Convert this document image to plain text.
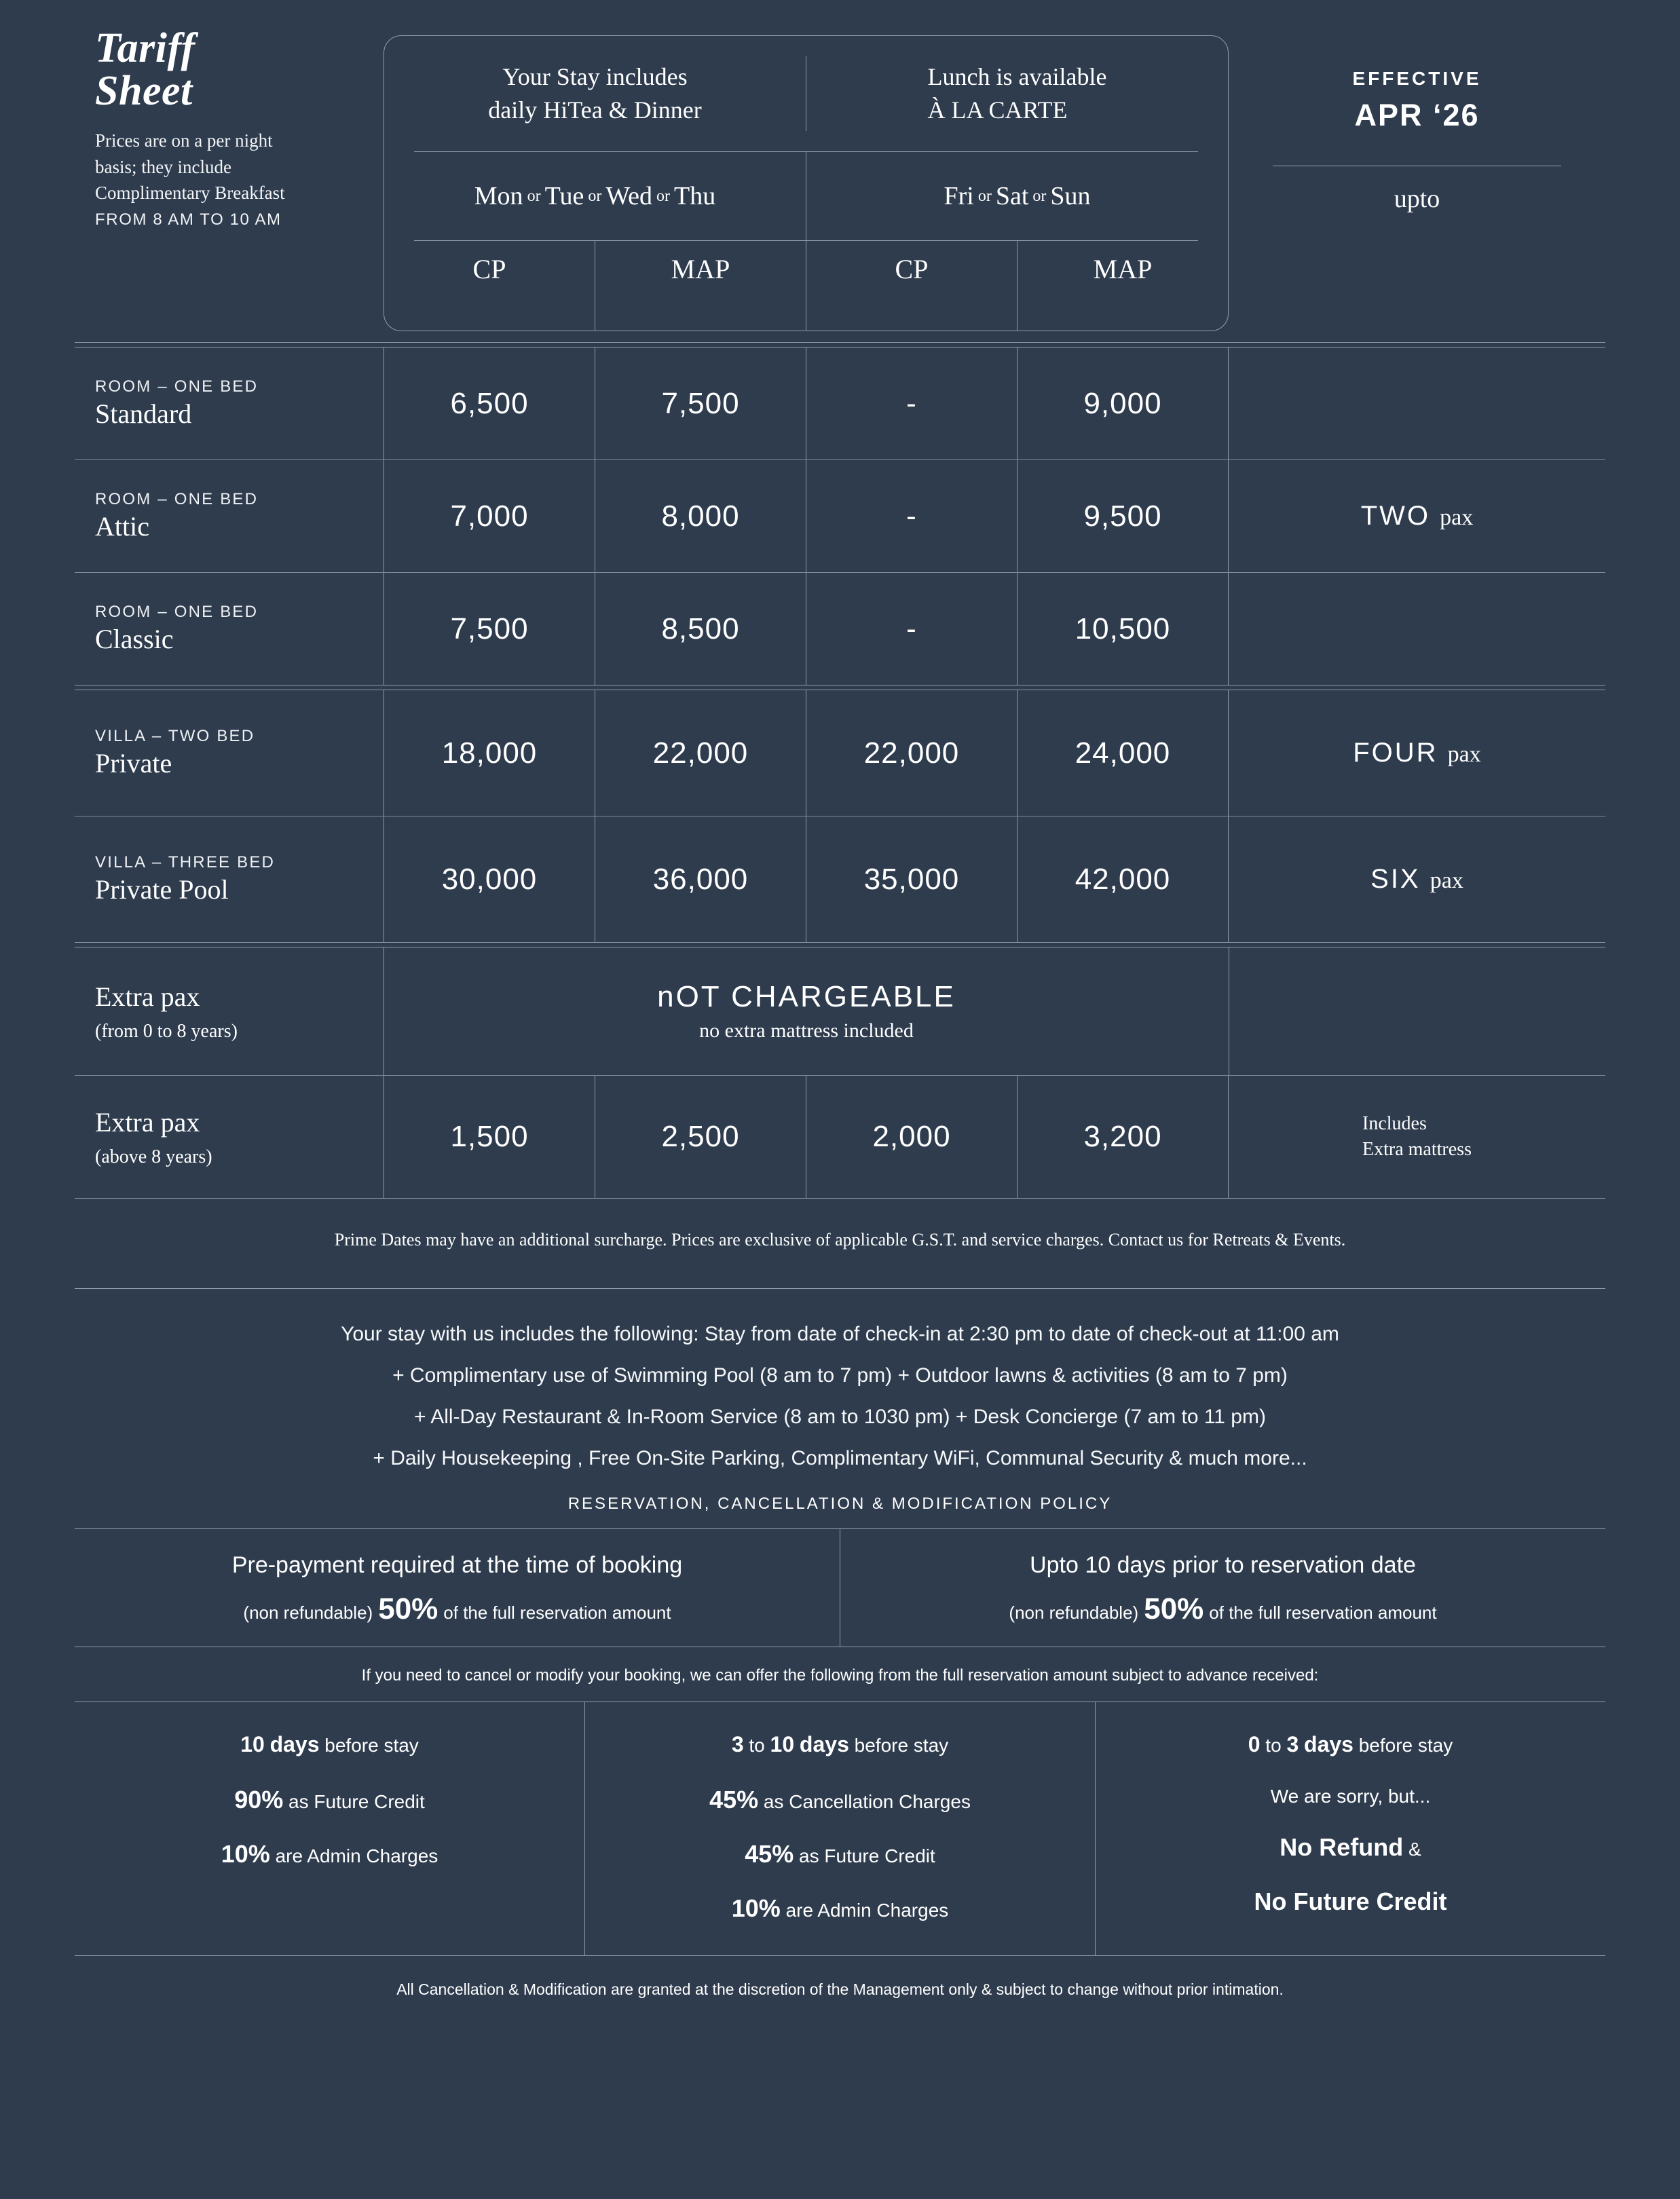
Tariff
Sheet
Prices are on a per night
basis; they include
Complimentary Breakfast
FROM 8 AM TO 10 AM
Your Stay includes
daily HiTea & Dinner
Lunch is available
À LA CARTE
Mon or Tue or Wed or Thu	Fri or Sat or Sun
CP	MAP	CP	MAP
EFFECTIVE
APR ‘26
upto
ROOM – ONE BED
Standard	6,500	7,500	-	9,000
ROOM – ONE BED
Attic	7,000	8,000	-	9,500	TWO pax
ROOM – ONE BED
Classic	7,500	8,500	-	10,500
VILLA – TWO BED
Private	18,000	22,000	22,000	24,000	FOUR pax
VILLA – THREE BED
Private Pool	30,000	36,000	35,000	42,000	SIX pax
Extra pax
(from 0 to 8 years)
nOT CHARGEABLE
no extra mattress included
Extra pax
(above 8 years)
1,500	2,500	2,000	3,200	Includes
Extra mattress
Prime Dates may have an additional surcharge. Prices are exclusive of applicable G.S.T. and service charges. Contact us for Retreats & Events.
Your stay with us includes the following: Stay from date of check-in at 2:30 pm to date of check-out at 11:00 am
+ Complimentary use of Swimming Pool (8 am to 7 pm) + Outdoor lawns & activities (8 am to 7 pm)
+ All-Day Restaurant & In-Room Service (8 am to 1030 pm) + Desk Concierge (7 am to 11 pm)
+ Daily Housekeeping , Free On-Site Parking, Complimentary WiFi, Communal Security & much more...
RESERVATION, CANCELLATION & MODIFICATION POLICY
Pre-payment required at the time of booking
(non refundable) 50% of the full reservation amount
Upto 10 days prior to reservation date
(non refundable) 50% of the full reservation amount
If you need to cancel or modify your booking, we can offer the following from the full reservation amount subject to advance received:
10 days before stay
90% as Future Credit
10% are Admin Charges
3 to 10 days before stay
45% as Cancellation Charges
45% as Future Credit
10% are Admin Charges
0 to 3 days before stay
We are sorry, but...
No Refund &
No Future Credit
All Cancellation & Modification are granted at the discretion of the Management only & subject to change without prior intimation.
